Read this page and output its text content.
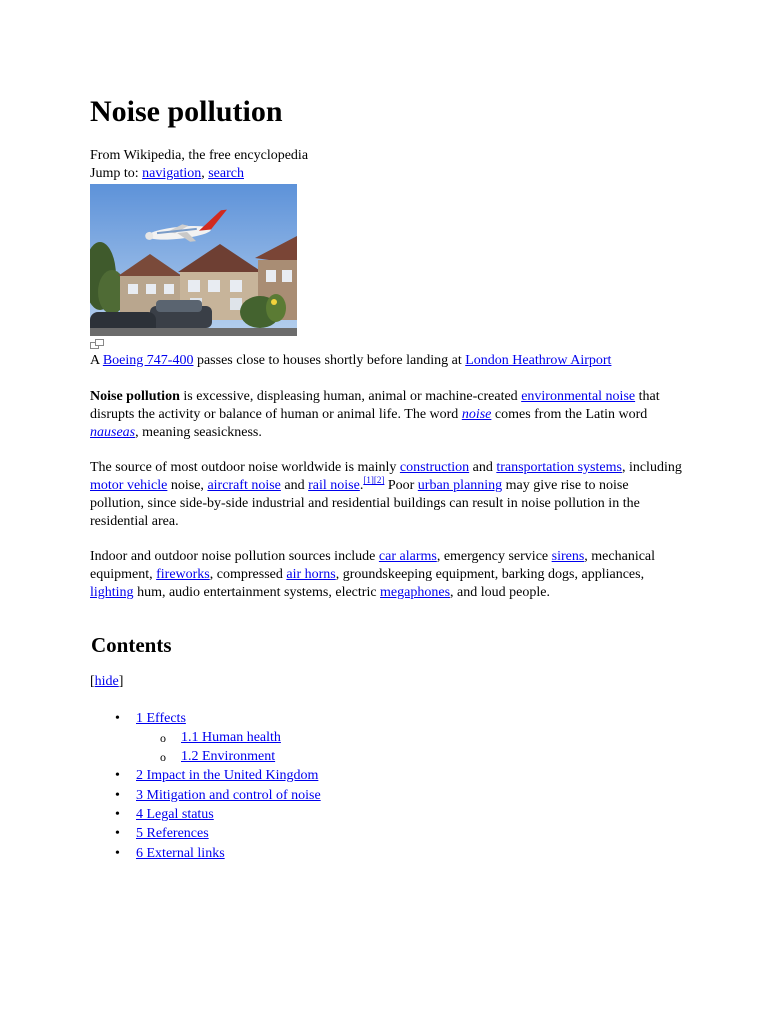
Noise pollution
From Wikipedia, the free encyclopedia
Jump to: navigation, search
A Boeing 747-400 passes close to houses shortly before landing at London Heathrow Airport

Noise pollution is excessive, displeasing human, animal or machine-created environmental noise that disrupts the activity or balance of human or animal life. The word noise comes from the Latin word nauseas, meaning seasickness.

The source of most outdoor noise worldwide is mainly construction and transportation systems, including motor vehicle noise, aircraft noise and rail noise.[1][2] Poor urban planning may give rise to noise pollution, since side-by-side industrial and residential buildings can result in noise pollution in the residential area.

Indoor and outdoor noise pollution sources include car alarms, emergency service sirens, mechanical equipment, fireworks, compressed air horns, groundskeeping equipment, barking dogs, appliances, lighting hum, audio entertainment systems, electric megaphones, and loud people.

Contents
[hide]
• 1 Effects
o 1.1 Human health
o 1.2 Environment
• 2 Impact in the United Kingdom
• 3 Mitigation and control of noise
• 4 Legal status
• 5 References
• 6 External links
